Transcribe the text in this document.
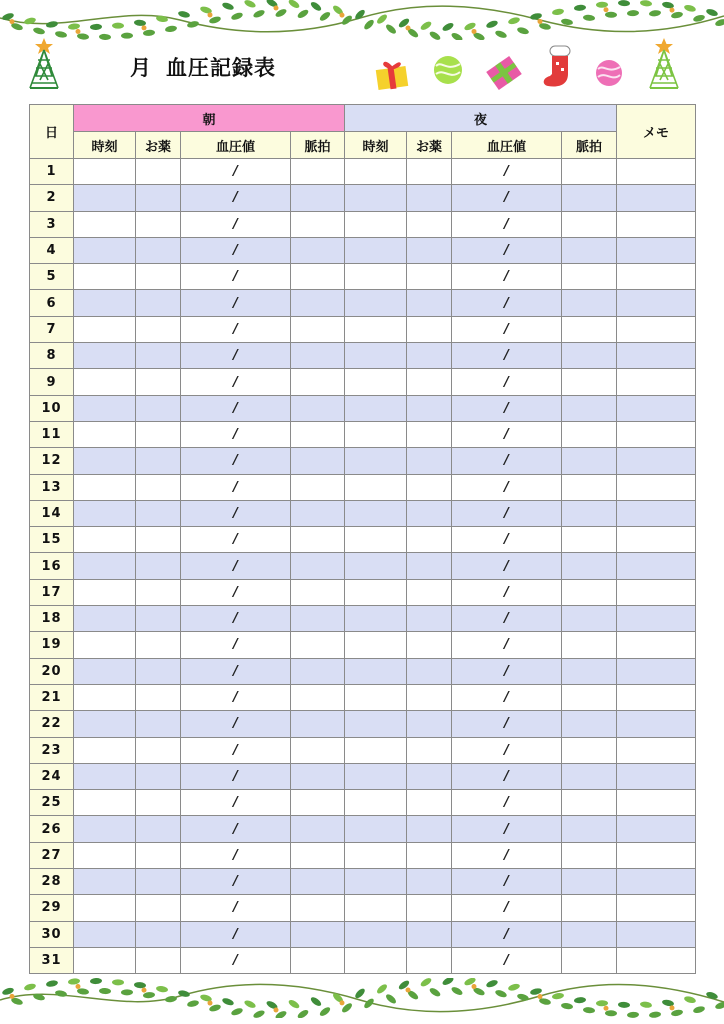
月 血圧記録表
日	朝				夜				メモ
	時刻	お薬	血圧値	脈拍	時刻	お薬	血圧値	脈拍	
1			/				/		
2			/				/		
3			/				/		
4			/				/		
5			/				/		
6			/				/		
7			/				/		
8			/				/		
9			/				/		
10			/				/		
11			/				/		
12			/				/		
13			/				/		
14			/				/		
15			/				/		
16			/				/		
17			/				/		
18			/				/		
19			/				/		
20			/				/		
21			/				/		
22			/				/		
23			/				/		
24			/				/		
25			/				/		
26			/				/		
27			/				/		
28			/				/		
29			/				/		
30			/				/		
31			/				/		
